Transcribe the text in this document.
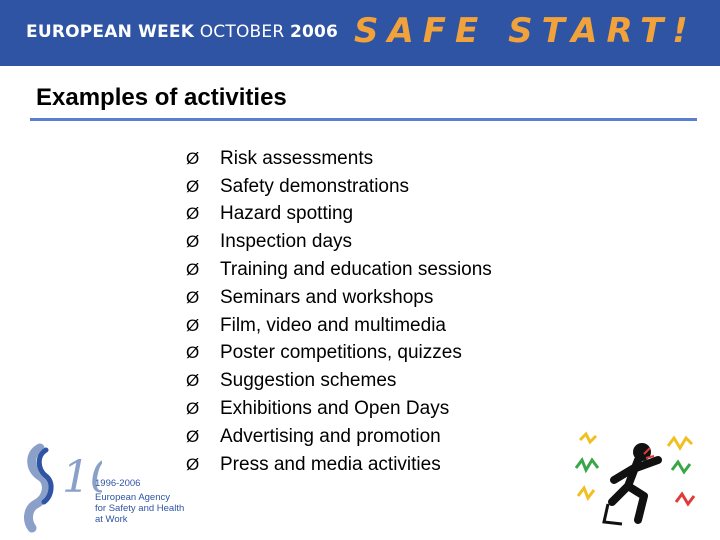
EUROPEAN WEEK OCTOBER 2006 SAFE START!
Examples of activities
Ø	Risk assessments
Ø	Safety demonstrations
Ø	Hazard spotting
Ø	Inspection days
Ø	Training and education sessions
Ø	Seminars and workshops
Ø	Film, video and multimedia
Ø	Poster competitions, quizzes
Ø	Suggestion schemes
Ø	Exhibitions and Open Days
Ø	Advertising and promotion
Ø	Press and media activities
1 1996-2006
European Agency
for Safety and Health
at Work
